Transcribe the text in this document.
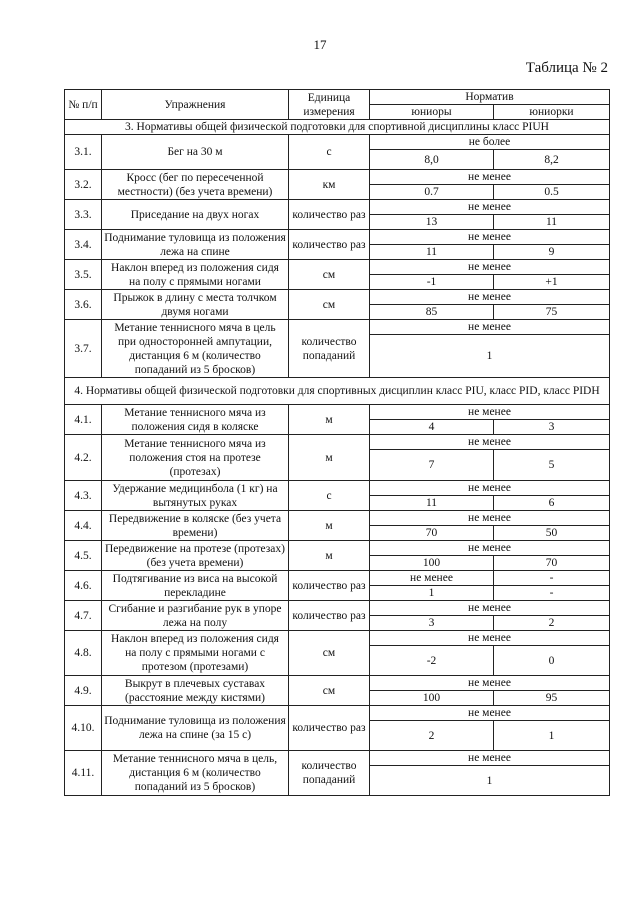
17
Таблица № 2
№ п/п	Упражнения	Единица измерения	Норматив	
			юниоры	юниорки
3. Нормативы общей физической подготовки для спортивной дисциплины класс PIUH				
3.1.	Бег на 30 м	с	не более	
			8,0	8,2
3.2.	Кросс (бег по пересеченной местности) (без учета времени)	км	не менее	
			0.7	0.5
3.3.	Приседание на двух ногах	количество раз	не менее	
			13	11
3.4.	Поднимание туловища из положения лежа на спине	количество раз	не менее	
			11	9
3.5.	Наклон вперед из положения сидя на полу с прямыми ногами	см	не менее	
			-1	+1
3.6.	Прыжок в длину с места толчком двумя ногами	см	не менее	
			85	75
3.7.	Метание теннисного мяча в цель при односторонней ампутации, дистанция 6 м (количество попаданий из 5 бросков)	количество попаданий	не менее	
			1	
4. Нормативы общей физической подготовки для спортивных дисциплин класс PIU, класс PID, класс PIDH				
4.1.	Метание теннисного мяча из положения сидя в коляске	м	не менее	
			4	3
4.2.	Метание теннисного мяча из положения стоя на протезе (протезах)	м	не менее	
			7	5
4.3.	Удержание медицинбола (1 кг) на вытянутых руках	с	не менее	
			11	6
4.4.	Передвижение в коляске (без учета времени)	м	не менее	
			70	50
4.5.	Передвижение на протезе (протезах) (без учета времени)	м	не менее	
			100	70
4.6.	Подтягивание из виса на высокой перекладине	количество раз	не менее	-
			1	-
4.7.	Сгибание и разгибание рук в упоре лежа на полу	количество раз	не менее	
			3	2
4.8.	Наклон вперед из положения сидя на полу с прямыми ногами с протезом (протезами)	см	не менее	
			-2	0
4.9.	Выкрут в плечевых суставах (расстояние между кистями)	см	не менее	
			100	95
4.10.	Поднимание туловища из положения лежа на спине (за 15 с)	количество раз	не менее	
			2	1
4.11.	Метание теннисного мяча в цель, дистанция 6 м (количество попаданий из 5 бросков)	количество попаданий	не менее	
			1	
